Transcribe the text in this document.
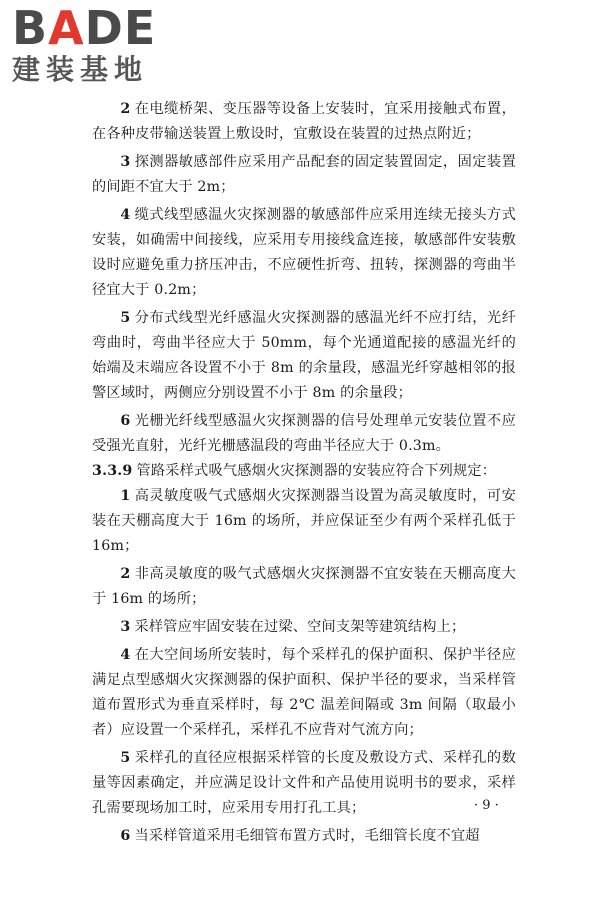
BADE
建装基地

2 在电缆桥架、变压器等设备上安装时，宜采用接触式布置，在各种皮带输送装置上敷设时，宜敷设在装置的过热点附近；

3 探测器敏感部件应采用产品配套的固定装置固定，固定装置的间距不宜大于 2m；

4 缆式线型感温火灾探测器的敏感部件应采用连续无接头方式安装，如确需中间接线，应采用专用接线盒连接，敏感部件安装敷设时应避免重力挤压冲击，不应硬性折弯、扭转，探测器的弯曲半径宜大于 0.2m；

5 分布式线型光纤感温火灾探测器的感温光纤不应打结，光纤弯曲时，弯曲半径应大于 50mm，每个光通道配接的感温光纤的始端及末端应各设置不小于 8m 的余量段，感温光纤穿越相邻的报警区域时，两侧应分别设置不小于 8m 的余量段；

6 光栅光纤线型感温火灾探测器的信号处理单元安装位置不应受强光直射，光纤光栅感温段的弯曲半径应大于 0.3m。

3.3.9 管路采样式吸气感烟火灾探测器的安装应符合下列规定：

1 高灵敏度吸气式感烟火灾探测器当设置为高灵敏度时，可安装在天棚高度大于 16m 的场所，并应保证至少有两个采样孔低于 16m；

2 非高灵敏度的吸气式感烟火灾探测器不宜安装在天棚高度大于 16m 的场所；

3 采样管应牢固安装在过梁、空间支架等建筑结构上；

4 在大空间场所安装时，每个采样孔的保护面积、保护半径应满足点型感烟火灾探测器的保护面积、保护半径的要求，当采样管道布置形式为垂直采样时，每 2℃ 温差间隔或 3m 间隔（取最小者）应设置一个采样孔，采样孔不应背对气流方向；

5 采样孔的直径应根据采样管的长度及敷设方式、采样孔的数量等因素确定，并应满足设计文件和产品使用说明书的要求，采样孔需要现场加工时，应采用专用打孔工具；

6 当采样管道采用毛细管布置方式时，毛细管长度不宜超

· 9 ·
